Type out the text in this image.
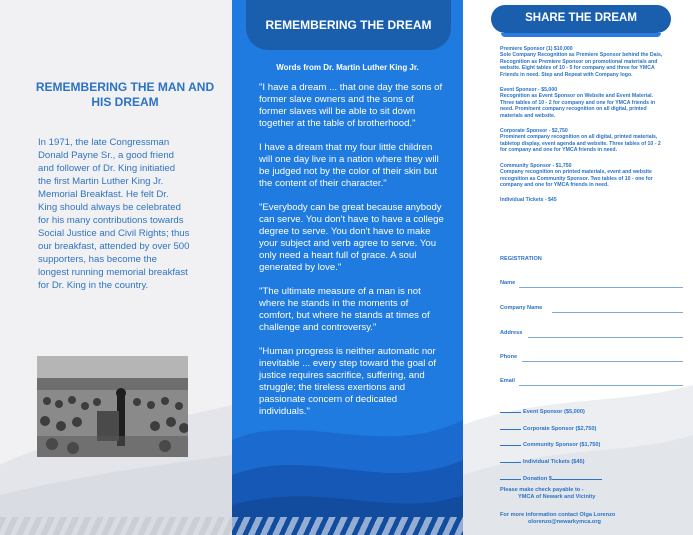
REMEMBERING THE MAN AND HIS DREAM

In 1971, the late Congressman Donald Payne Sr., a good friend and follower of Dr. King initiatied the first Martin Luther King Jr. Memorial Breakfast. He felt Dr. King should always be celebrated for his many contributions towards Social Justice and Civil Rights; thus our breakfast, attended by over 500 supporters, has become the longest running memorial breakfast for Dr. King in the country.

REMEMBERING THE DREAM

Words from Dr. Martin Luther King Jr.

"I have a dream ... that one day the sons of former slave owners and the sons of former slaves will be able to sit down together at the table of brotherhood."

I have a dream that my four little children will one day live in a nation where they will be judged not by the color of their skin but the content of their character."

"Everybody can be great because anybody can serve. You don't have to have a college degree to serve. You don't have to make your subject and verb agree to serve. You only need a heart full of grace. A soul generated by love."

"The ultimate measure of a man is not where he stands in the moments of comfort, but where he stands at times of challenge and controversy."

"Human progress is neither automatic nor inevitable ... every step toward the goal of justice requires sacrifice, suffering, and struggle; the tireless exertions and passionate concern of dedicated individuals."

SHARE THE DREAM
Premiere Sponsor (1) $10,000
Sole Company Recognition as Premiere Sponsor behind the Dais, Recognition as Premiere Sponsor on promotional materials and website. Eight tables of 10 - 5 for company and three for YMCA Friends in need. Step and Repeat with Company logo.
Event Sponsor - $5,000
Recognition as Event Sponsor on Website and Event Material. Three tables of 10 - 2 for company and one for YMCA friends in need. Prominent company recognition on all digital, printed materials and website.
Corporate Sponsor - $2,750
Prominent company recognition on all digital, printed materials, tabletop display, event agenda and website. Three tables of 10 - 2 for company and one for YMCA friends in need.
Community Sponsor - $1,750
Company recognition on printed materials, event and website recognition as Community Sponsor. Two tables of 10 - one for company and one for YMCA friends in need.
Individual Tickets - $45
REGISTRATION
Name
Company Name
Address
Phone
Email
Event Sponsor ($5,000)
Corporate Sponsor ($2,750)
Community Sponsor ($1,750)
Individual Tickets ($45)
Donation $
Please make check payable to -
YMCA of Newark and Vicinity
For more information contact Olga Lorenzo
olorenzo@newarkymca.org
